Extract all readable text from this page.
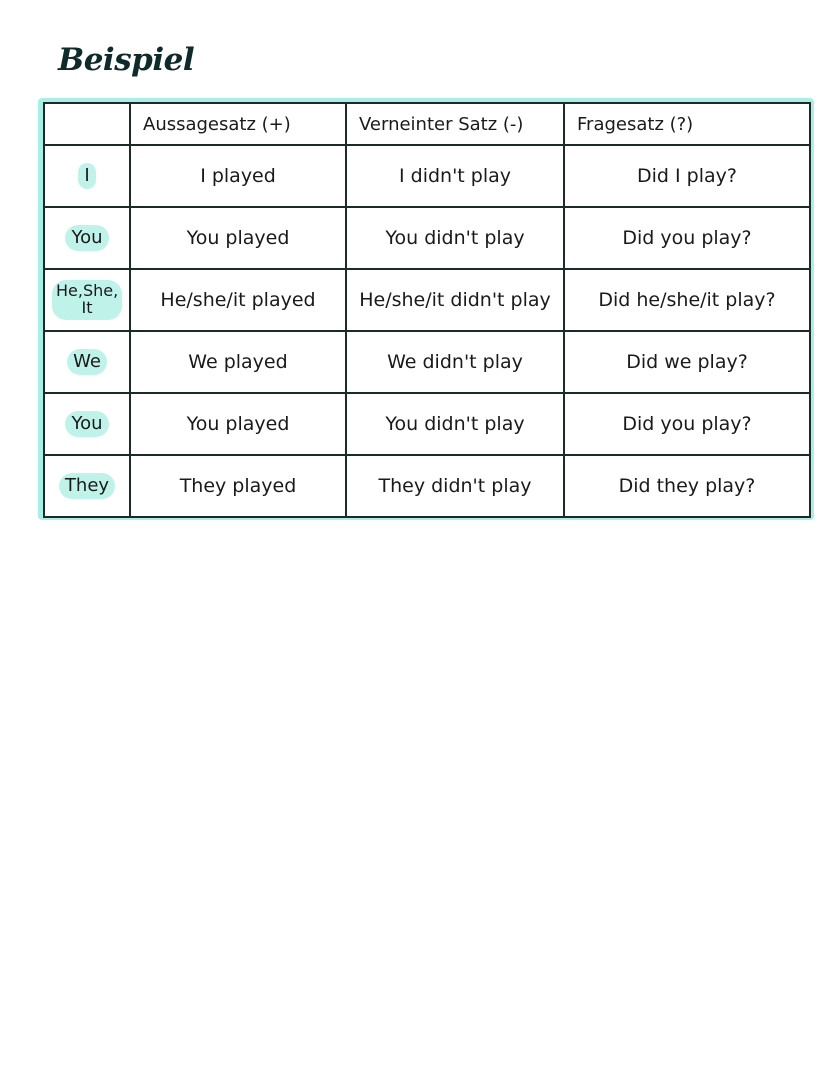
Beispiel
	Aussagesatz (+)	Verneinter Satz (-)	Fragesatz (?)
I	I played	I didn't play	Did I play?
You	You played	You didn't play	Did you play?
He,She, It	He/she/it played	He/she/it didn't play	Did he/she/it play?
We	We played	We didn't play	Did we play?
You	You played	You didn't play	Did you play?
They	They played	They didn't play	Did they play?
